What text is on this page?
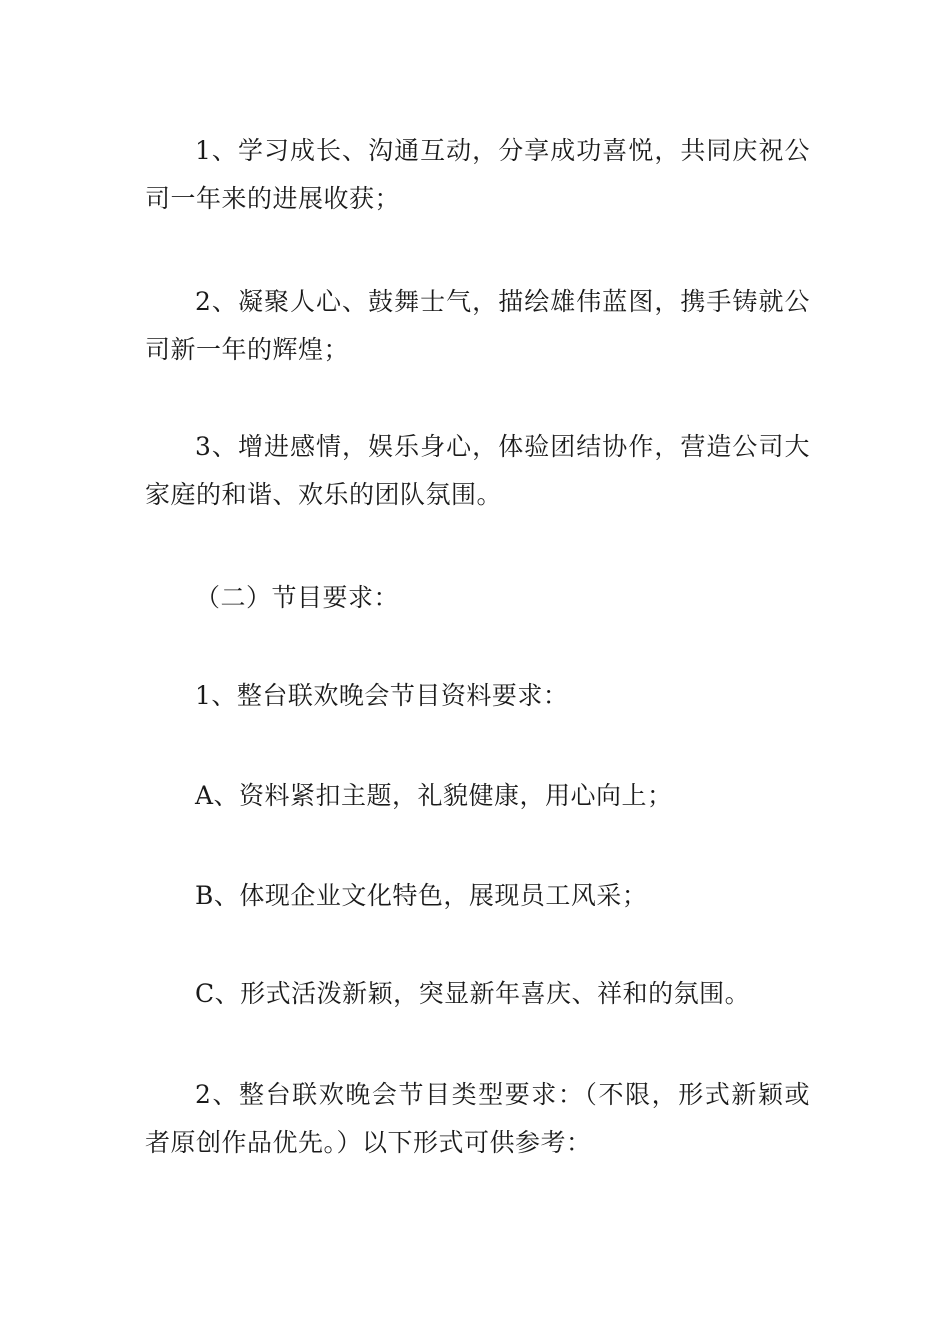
1、学习成长、沟通互动，分享成功喜悦，共同庆祝公司一年来的进展收获；

2、凝聚人心、鼓舞士气，描绘雄伟蓝图，携手铸就公司新一年的辉煌；

3、增进感情，娱乐身心，体验团结协作，营造公司大家庭的和谐、欢乐的团队氛围。

（二）节目要求：

1、整台联欢晚会节目资料要求：

A、资料紧扣主题，礼貌健康，用心向上；

B、体现企业文化特色，展现员工风采；

C、形式活泼新颖，突显新年喜庆、祥和的氛围。

2、整台联欢晚会节目类型要求：（不限，形式新颖或者原创作品优先。）以下形式可供参考：
